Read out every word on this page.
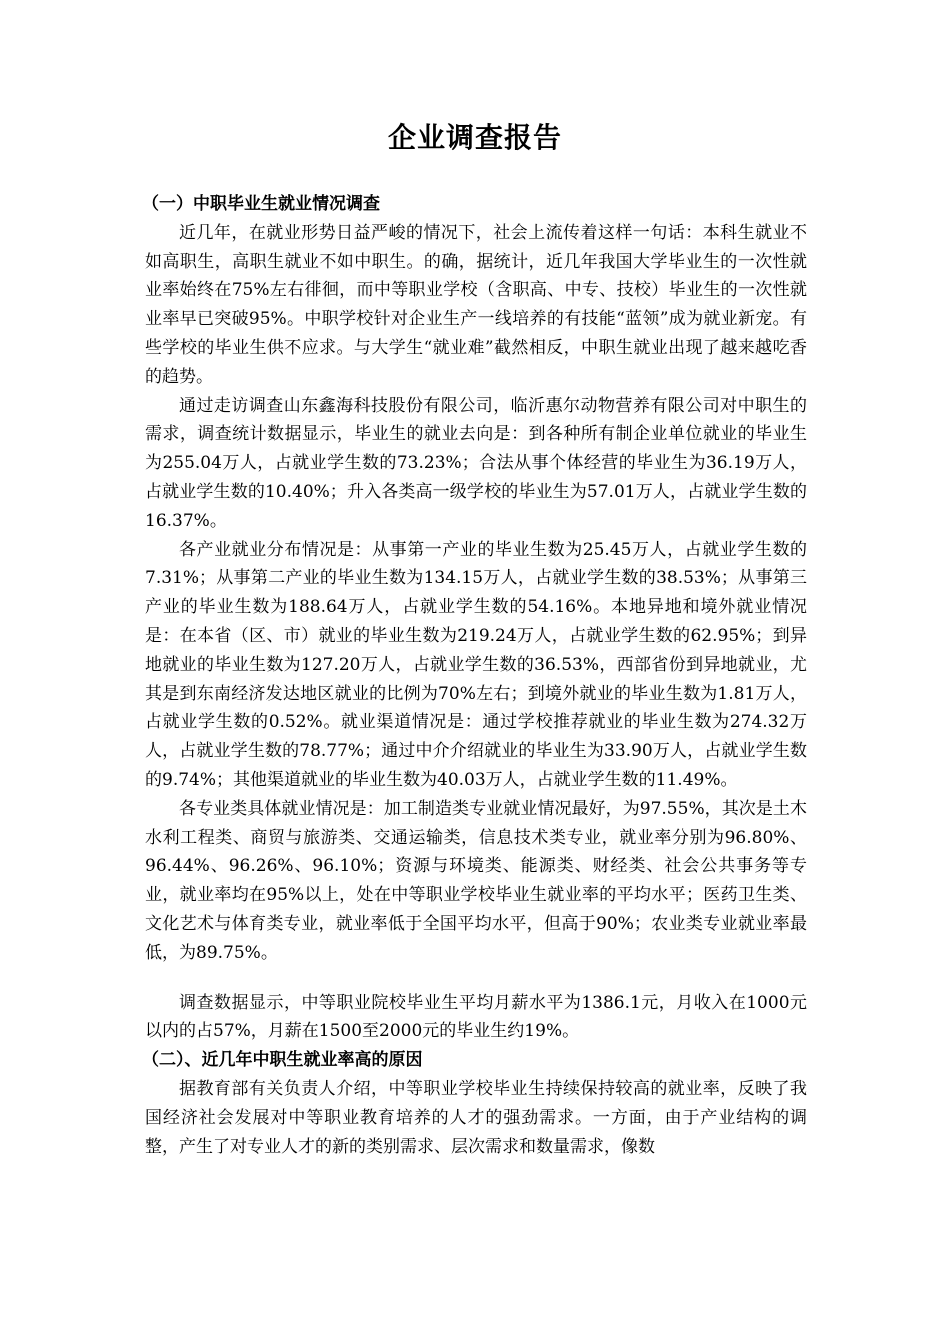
企业调查报告

（一）中职毕业生就业情况调查

近几年，在就业形势日益严峻的情况下，社会上流传着这样一句话：本科生就业不如高职生，高职生就业不如中职生。的确，据统计，近几年我国大学毕业生的一次性就业率始终在75%左右徘徊，而中等职业学校（含职高、中专、技校）毕业生的一次性就业率早已突破95%。中职学校针对企业生产一线培养的有技能“蓝领”成为就业新宠。有些学校的毕业生供不应求。与大学生“就业难”截然相反，中职生就业出现了越来越吃香的趋势。

通过走访调查山东鑫海科技股份有限公司，临沂惠尔动物营养有限公司对中职生的需求，调查统计数据显示，毕业生的就业去向是：到各种所有制企业单位就业的毕业生为255.04万人，占就业学生数的73.23%；合法从事个体经营的毕业生为36.19万人，占就业学生数的10.40%；升入各类高一级学校的毕业生为57.01万人，占就业学生数的16.37%。

各产业就业分布情况是：从事第一产业的毕业生数为25.45万人，占就业学生数的7.31%；从事第二产业的毕业生数为134.15万人，占就业学生数的38.53%；从事第三产业的毕业生数为188.64万人，占就业学生数的54.16%。本地异地和境外就业情况是：在本省（区、市）就业的毕业生数为219.24万人，占就业学生数的62.95%；到异地就业的毕业生数为127.20万人，占就业学生数的36.53%，西部省份到异地就业，尤其是到东南经济发达地区就业的比例为70%左右；到境外就业的毕业生数为1.81万人，占就业学生数的0.52%。就业渠道情况是：通过学校推荐就业的毕业生数为274.32万人，占就业学生数的78.77%；通过中介介绍就业的毕业生为33.90万人，占就业学生数的9.74%；其他渠道就业的毕业生数为40.03万人，占就业学生数的11.49%。

各专业类具体就业情况是：加工制造类专业就业情况最好，为97.55%，其次是土木水利工程类、商贸与旅游类、交通运输类，信息技术类专业，就业率分别为96.80%、96.44%、96.26%、96.10%；资源与环境类、能源类、财经类、社会公共事务等专业，就业率均在95%以上，处在中等职业学校毕业生就业率的平均水平；医药卫生类、文化艺术与体育类专业，就业率低于全国平均水平，但高于90%；农业类专业就业率最低，为89.75%。

调查数据显示，中等职业院校毕业生平均月薪水平为1386.1元，月收入在1000元以内的占57%，月薪在1500至2000元的毕业生约19%。

（二）、近几年中职生就业率高的原因

据教育部有关负责人介绍，中等职业学校毕业生持续保持较高的就业率，反映了我国经济社会发展对中等职业教育培养的人才的强劲需求。一方面，由于产业结构的调整，产生了对专业人才的新的类别需求、层次需求和数量需求，像数
